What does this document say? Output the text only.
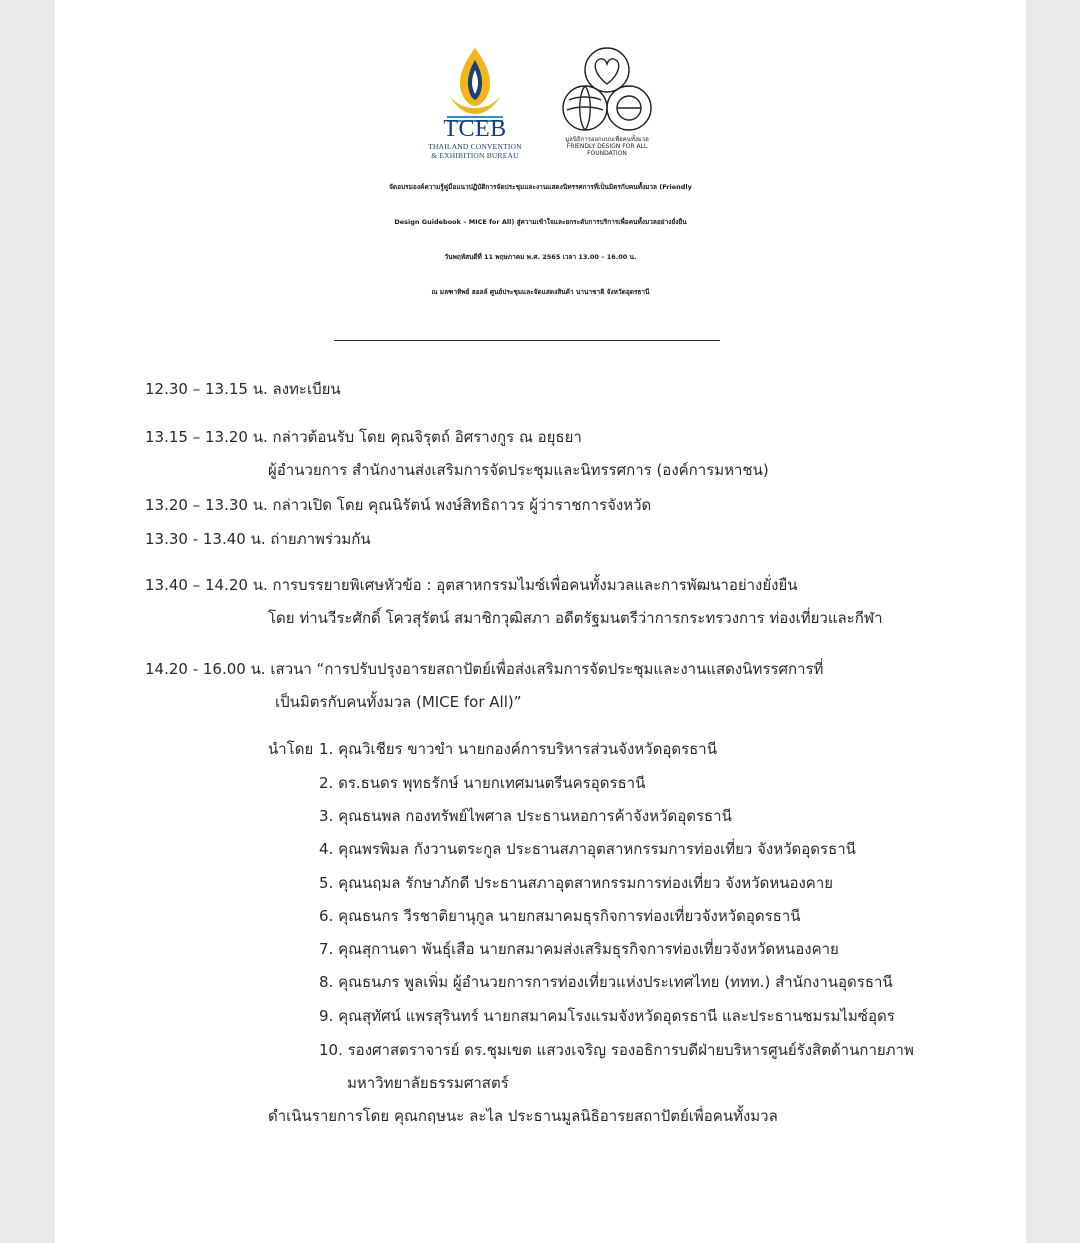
TCEB
THAILAND CONVENTION
& EXHIBITION BUREAU
มูลนิธิการออกแบบเพื่อคนทั้งมวล
FRIENDLY DESIGN FOR ALL FOUNDATION
จัดอบรมองค์ความรู้คู่มือแนวปฏิบัติการจัดประชุมและงานแสดงนิทรรศการที่เป็นมิตรกับคนทั้งมวล (Friendly
Design Guidebook – MICE for All) สู่ความเข้าใจและยกระดับการบริการเพื่อคนทั้งมวลอย่างยั่งยืน
วันพฤหัสบดีที่ 11 พฤษภาคม พ.ศ. 2565 เวลา 13.00 – 16.00 น.
ณ มลฑาทิพย์ ฮอลล์ ศูนย์ประชุมและจัดแสดงสินค้า นานาชาติ จังหวัดอุดรธานี
12.30 – 13.15 น. ลงทะเบียน
13.15 – 13.20 น. กล่าวต้อนรับ โดย คุณจิรุตถ์ อิศรางกูร ณ อยุธยา
ผู้อำนวยการ สำนักงานส่งเสริมการจัดประชุมและนิทรรศการ (องค์การมหาชน)
13.20 – 13.30 น. กล่าวเปิด โดย คุณนิรัตน์ พงษ์สิทธิถาวร ผู้ว่าราชการจังหวัด
13.30 - 13.40 น. ถ่ายภาพร่วมกัน
13.40 – 14.20 น. การบรรยายพิเศษหัวข้อ : อุตสาหกรรมไมซ์เพื่อคนทั้งมวลและการพัฒนาอย่างยั่งยืน
โดย ท่านวีระศักดิ์ โควสุรัตน์ สมาชิกวุฒิสภา อดีตรัฐมนตรีว่าการกระทรวงการ ท่องเที่ยวและกีฬา
14.20 - 16.00 น. เสวนา “การปรับปรุงอารยสถาปัตย์เพื่อส่งเสริมการจัดประชุมและงานแสดงนิทรรศการที่
เป็นมิตรกับคนทั้งมวล (MICE for All)”
นำโดย 1. คุณวิเชียร ขาวขำ นายกองค์การบริหารส่วนจังหวัดอุดรธานี
2. ดร.ธนดร พุทธรักษ์ นายกเทศมนตรีนครอุดรธานี
3. คุณธนพล กองทรัพย์ไพศาล ประธานหอการค้าจังหวัดอุดรธานี
4. คุณพรพิมล กังวานตระกูล ประธานสภาอุตสาหกรรมการท่องเที่ยว จังหวัดอุดรธานี
5. คุณนฤมล รักษาภักดี ประธานสภาอุตสาหกรรมการท่องเที่ยว จังหวัดหนองคาย
6. คุณธนกร วีรชาติยานุกูล นายกสมาคมธุรกิจการท่องเที่ยวจังหวัดอุดรธานี
7. คุณสุกานดา พันธุ์เสือ นายกสมาคมส่งเสริมธุรกิจการท่องเที่ยวจังหวัดหนองคาย
8. คุณธนภร พูลเพิ่ม ผู้อำนวยการการท่องเที่ยวแห่งประเทศไทย (ททท.) สำนักงานอุดรธานี
9. คุณสุทัศน์ แพรสุรินทร์ นายกสมาคมโรงแรมจังหวัดอุดรธานี และประธานชมรมไมซ์อุดร
10. รองศาสตราจารย์ ดร.ชุมเขต แสวงเจริญ รองอธิการบดีฝ่ายบริหารศูนย์รังสิตด้านกายภาพ
มหาวิทยาลัยธรรมศาสตร์
ดำเนินรายการโดย คุณกฤษนะ ละไล ประธานมูลนิธิอารยสถาปัตย์เพื่อคนทั้งมวล
